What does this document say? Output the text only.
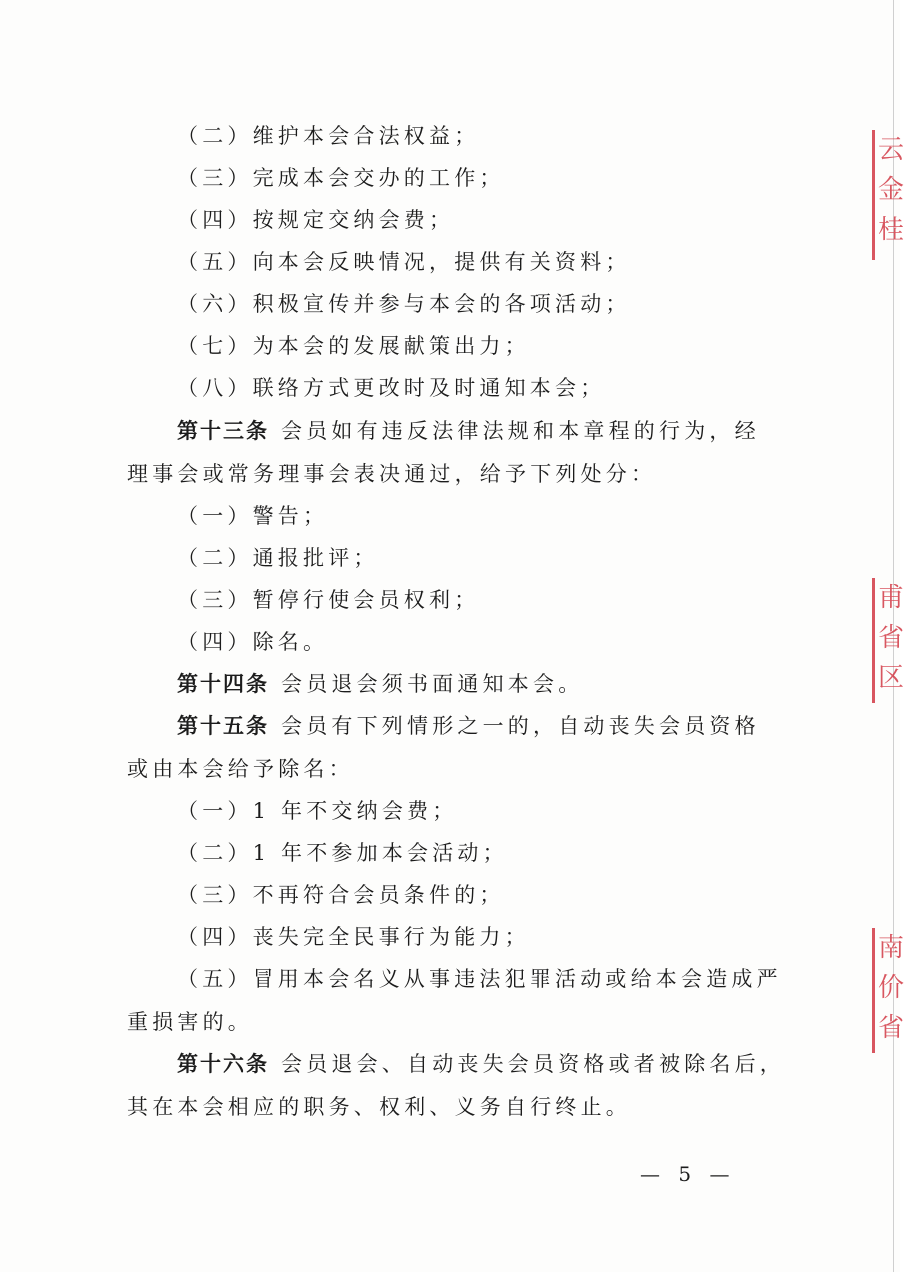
（二）维护本会合法权益；
（三）完成本会交办的工作；
（四）按规定交纳会费；
（五）向本会反映情况，提供有关资料；
（六）积极宣传并参与本会的各项活动；
（七）为本会的发展献策出力；
（八）联络方式更改时及时通知本会；
第十三条 会员如有违反法律法规和本章程的行为，经
理事会或常务理事会表决通过，给予下列处分：
（一）警告；
（二）通报批评；
（三）暂停行使会员权利；
（四）除名。
第十四条 会员退会须书面通知本会。
第十五条 会员有下列情形之一的，自动丧失会员资格
或由本会给予除名：
（一）1 年不交纳会费；
（二）1 年不参加本会活动；
（三）不再符合会员条件的；
（四）丧失完全民事行为能力；
（五）冒用本会名义从事违法犯罪活动或给本会造成严
重损害的。
第十六条 会员退会、自动丧失会员资格或者被除名后，
其在本会相应的职务、权利、义务自行终止。
— 5 —
云
金
桂
甫
省
区
南
价
省
